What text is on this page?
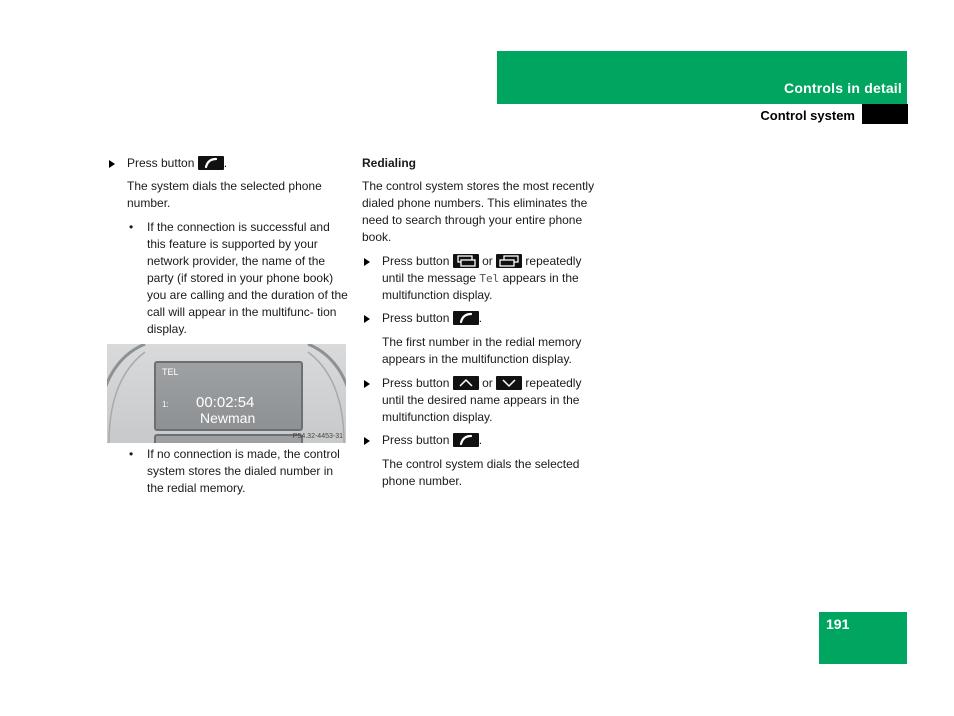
Controls in detail
Control system
Press button .
The system dials the selected phone number.
• If the connection is successful and this feature is supported by your network provider, the name of the party (if stored in your phone book) you are calling and the duration of the call will appear in the multifunc- tion display.
TEL
1: 00:02:54
Newman
P54.32-4453-31
• If no connection is made, the control system stores the dialed number in the redial memory.
Redialing
The control system stores the most recently dialed phone numbers. This eliminates the need to search through your entire phone book.
Press button	or	repeatedly until the message Tel appears in the multifunction display.
Press button .
The first number in the redial memory appears in the multifunction display.
Press button	or	repeatedly until the desired name appears in the multifunction display.
Press button .
The control system dials the selected phone number.
191
